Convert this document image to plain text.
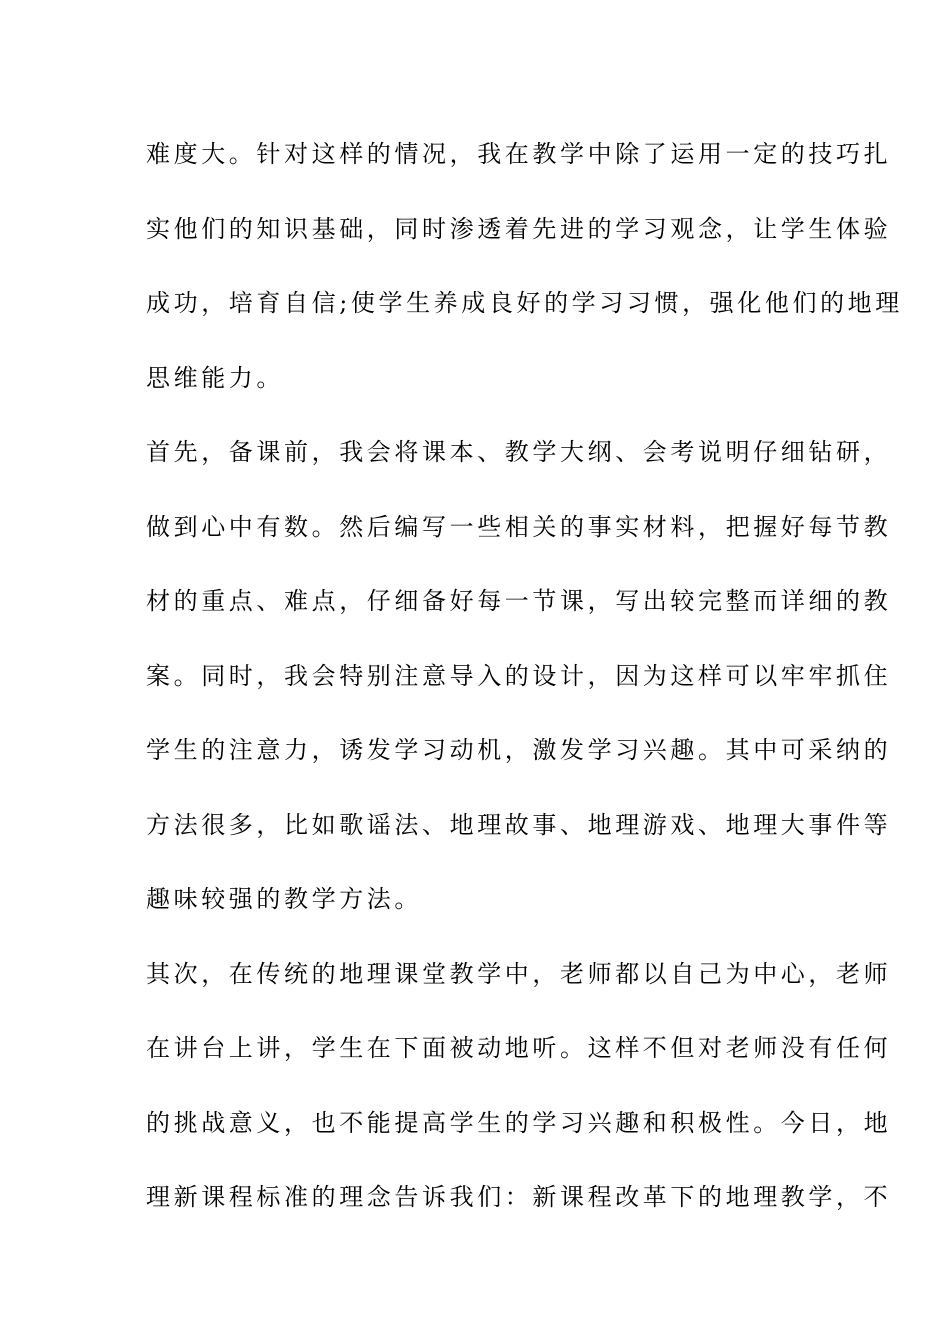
难度大。针对这样的情况，我在教学中除了运用一定的技巧扎
实他们的知识基础，同时渗透着先进的学习观念，让学生体验
成功，培育自信;使学生养成良好的学习习惯，强化他们的地理
思维能力。
首先，备课前，我会将课本、教学大纲、会考说明仔细钻研，
做到心中有数。然后编写一些相关的事实材料，把握好每节教
材的重点、难点，仔细备好每一节课，写出较完整而详细的教
案。同时，我会特别注意导入的设计，因为这样可以牢牢抓住
学生的注意力，诱发学习动机，激发学习兴趣。其中可采纳的
方法很多，比如歌谣法、地理故事、地理游戏、地理大事件等
趣味较强的教学方法。
其次，在传统的地理课堂教学中，老师都以自己为中心，老师
在讲台上讲，学生在下面被动地听。这样不但对老师没有任何
的挑战意义，也不能提高学生的学习兴趣和积极性。今日，地
理新课程标准的理念告诉我们：新课程改革下的地理教学，不
